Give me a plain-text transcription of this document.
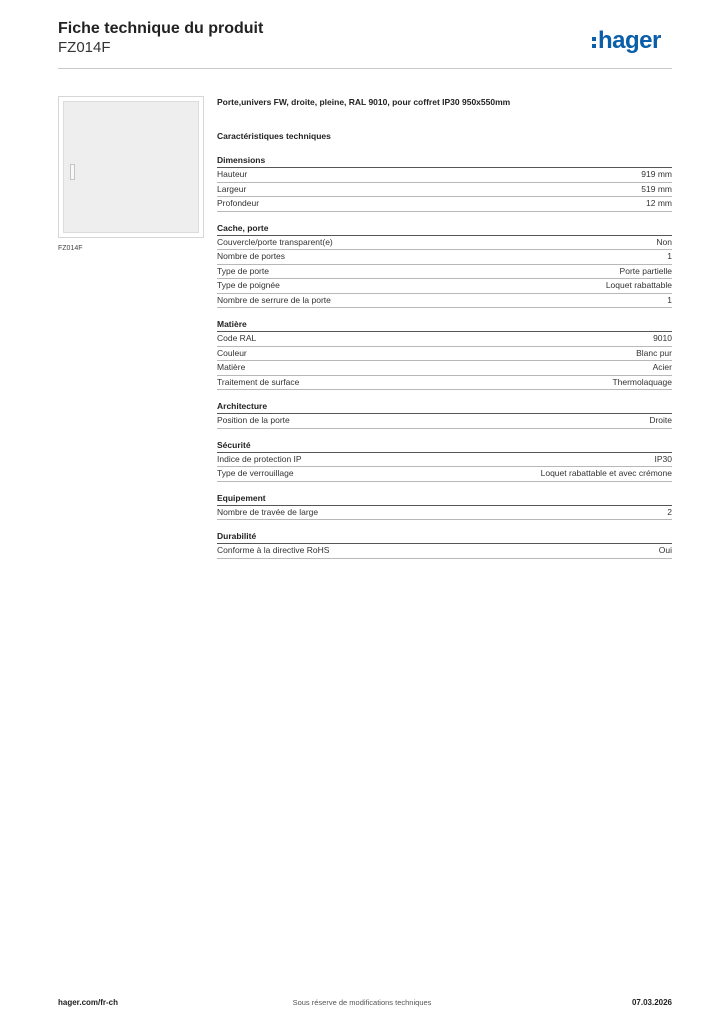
Fiche technique du produit
FZ014F	hager
FZ014F
Porte,univers FW, droite, pleine, RAL 9010, pour coffret IP30 950x550mm
Caractéristiques techniques
Dimensions
Hauteur	919 mm
Largeur	519 mm
Profondeur	12 mm
Cache, porte
Couvercle/porte transparent(e)	Non
Nombre de portes	1
Type de porte	Porte partielle
Type de poignée	Loquet rabattable
Nombre de serrure de la porte	1
Matière
Code RAL	9010
Couleur	Blanc pur
Matière	Acier
Traitement de surface	Thermolaquage
Architecture
Position de la porte	Droite
Sécurité
Indice de protection IP	IP30
Type de verrouillage	Loquet rabattable et avec crémone
Equipement
Nombre de travée de large	2
Durabilité
Conforme à la directive RoHS	Oui
hager.com/fr-ch	Sous réserve de modifications techniques	07.03.2026
